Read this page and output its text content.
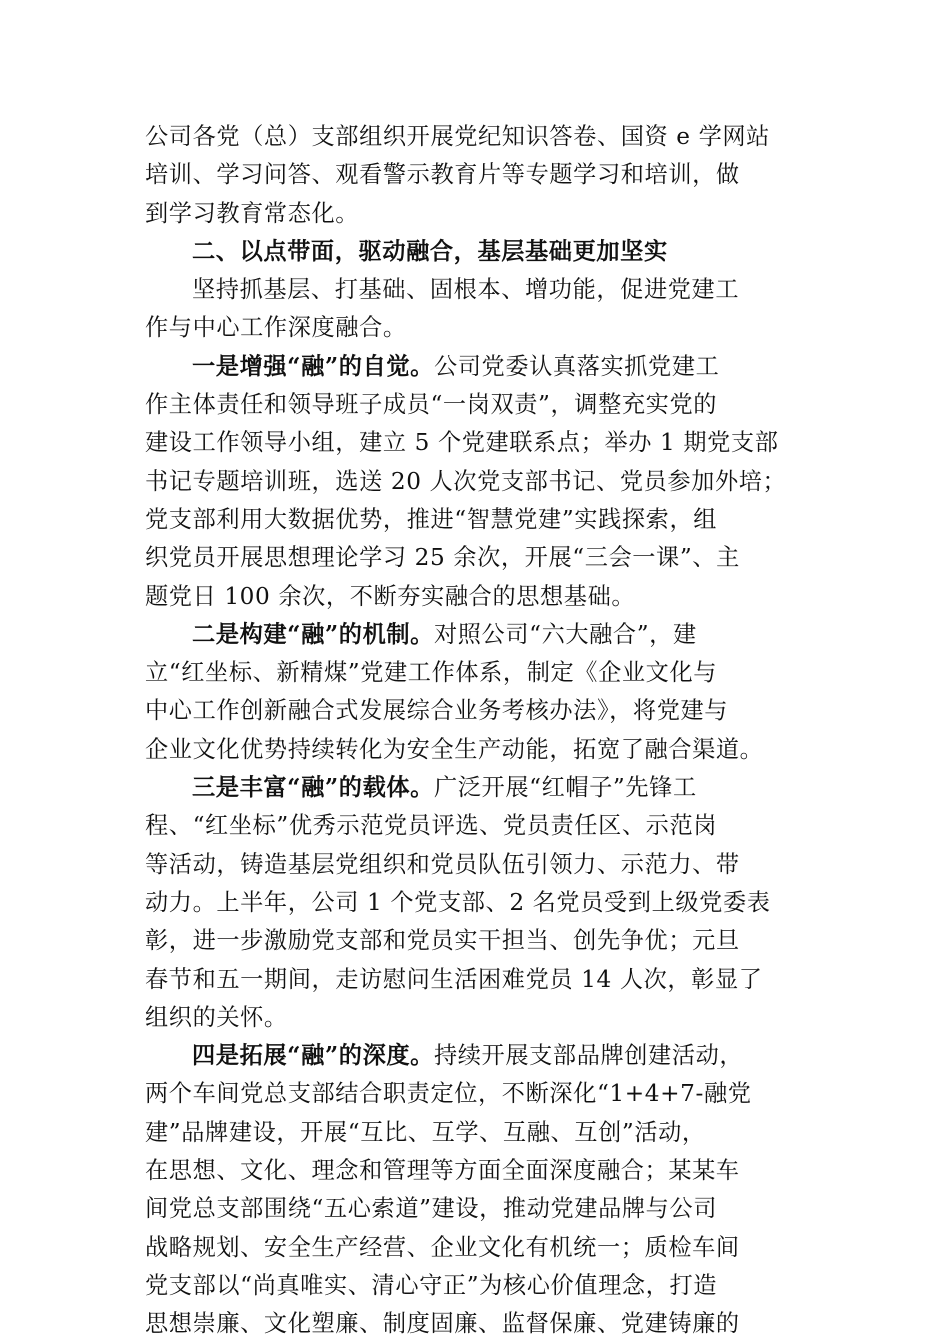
公司各党（总）支部组织开展党纪知识答卷、国资 e 学网站
培训、学习问答、观看警示教育片等专题学习和培训，做
到学习教育常态化。
二、以点带面，驱动融合，基层基础更加坚实
坚持抓基层、打基础、固根本、增功能，促进党建工
作与中心工作深度融合。
一是增强“融”的自觉。公司党委认真落实抓党建工
作主体责任和领导班子成员“一岗双责”，调整充实党的
建设工作领导小组，建立 5 个党建联系点；举办 1 期党支部
书记专题培训班，选送 20 人次党支部书记、党员参加外培；
党支部利用大数据优势，推进“智慧党建”实践探索，组
织党员开展思想理论学习 25 余次，开展“三会一课”、主
题党日 100 余次，不断夯实融合的思想基础。
二是构建“融”的机制。对照公司“六大融合”，建
立“红坐标、新精煤”党建工作体系，制定《企业文化与
中心工作创新融合式发展综合业务考核办法》，将党建与
企业文化优势持续转化为安全生产动能，拓宽了融合渠道。
三是丰富“融”的载体。广泛开展“红帽子”先锋工
程、“红坐标”优秀示范党员评选、党员责任区、示范岗
等活动，铸造基层党组织和党员队伍引领力、示范力、带
动力。上半年，公司 1 个党支部、2 名党员受到上级党委表
彰，进一步激励党支部和党员实干担当、创先争优；元旦
春节和五一期间，走访慰问生活困难党员 14 人次，彰显了
组织的关怀。
四是拓展“融”的深度。持续开展支部品牌创建活动，
两个车间党总支部结合职责定位，不断深化“1+4+7-融党
建”品牌建设，开展“互比、互学、互融、互创”活动，
在思想、文化、理念和管理等方面全面深度融合；某某车
间党总支部围绕“五心索道”建设，推动党建品牌与公司
战略规划、安全生产经营、企业文化有机统一；质检车间
党支部以“尚真唯实、清心守正”为核心价值理念，打造
思想崇廉、文化塑廉、制度固廉、监督保廉、党建铸廉的
